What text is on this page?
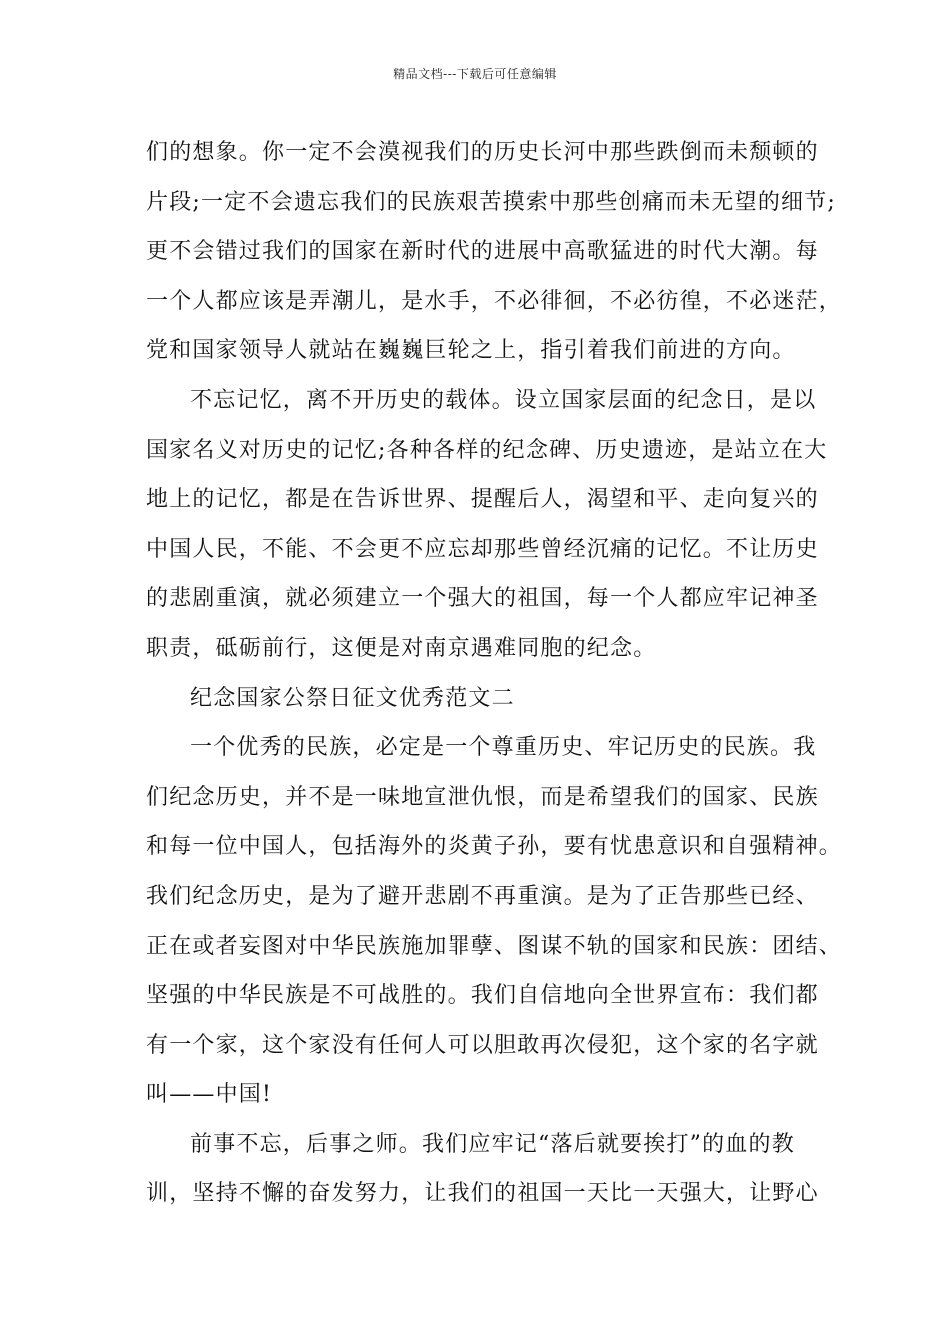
精品文档---下载后可任意编辑
们的想象。你一定不会漠视我们的历史长河中那些跌倒而未颓顿的
片段;一定不会遗忘我们的民族艰苦摸索中那些创痛而未无望的细节;
更不会错过我们的国家在新时代的进展中高歌猛进的时代大潮。每
一个人都应该是弄潮儿，是水手，不必徘徊，不必彷徨，不必迷茫，
党和国家领导人就站在巍巍巨轮之上，指引着我们前进的方向。
不忘记忆，离不开历史的载体。设立国家层面的纪念日，是以
国家名义对历史的记忆;各种各样的纪念碑、历史遗迹，是站立在大
地上的记忆，都是在告诉世界、提醒后人，渴望和平、走向复兴的
中国人民，不能、不会更不应忘却那些曾经沉痛的记忆。不让历史
的悲剧重演，就必须建立一个强大的祖国，每一个人都应牢记神圣
职责，砥砺前行，这便是对南京遇难同胞的纪念。
纪念国家公祭日征文优秀范文二
一个优秀的民族，必定是一个尊重历史、牢记历史的民族。我
们纪念历史，并不是一味地宣泄仇恨，而是希望我们的国家、民族
和每一位中国人，包括海外的炎黄子孙，要有忧患意识和自强精神。
我们纪念历史，是为了避开悲剧不再重演。是为了正告那些已经、
正在或者妄图对中华民族施加罪孽、图谋不轨的国家和民族：团结、
坚强的中华民族是不可战胜的。我们自信地向全世界宣布：我们都
有一个家，这个家没有任何人可以胆敢再次侵犯，这个家的名字就
叫——中国!
前事不忘，后事之师。我们应牢记“落后就要挨打”的血的教
训，坚持不懈的奋发努力，让我们的祖国一天比一天强大，让野心
